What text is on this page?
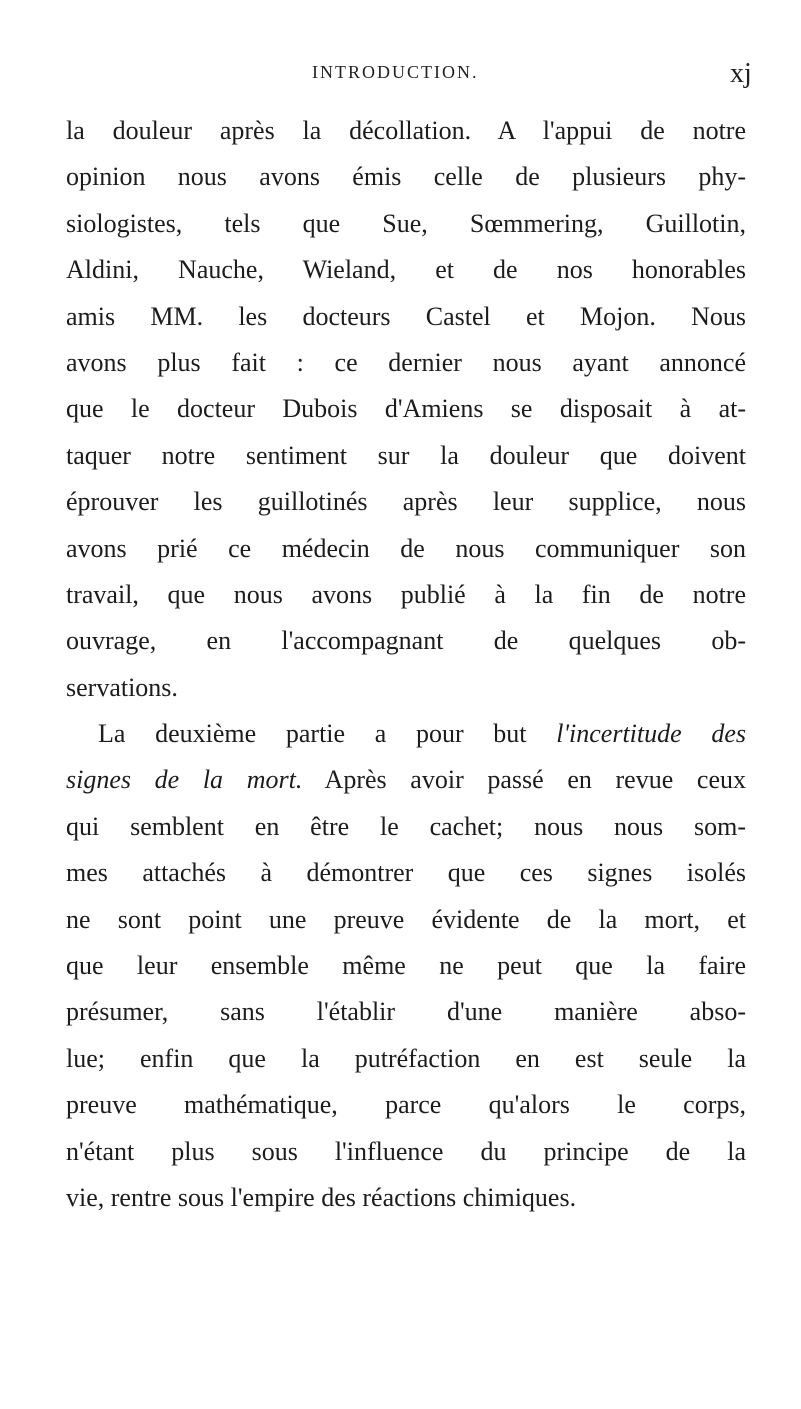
INTRODUCTION.	xj
la douleur après la décollation. A l'appui de notre
opinion nous avons émis celle de plusieurs phy-
siologistes, tels que Sue, Sœmmering, Guillotin,
Aldini, Nauche, Wieland, et de nos honorables
amis MM. les docteurs Castel et Mojon. Nous
avons plus fait : ce dernier nous ayant annoncé
que le docteur Dubois d'Amiens se disposait à at-
taquer notre sentiment sur la douleur que doivent
éprouver les guillotinés après leur supplice, nous
avons prié ce médecin de nous communiquer son
travail, que nous avons publié à la fin de notre
ouvrage, en l'accompagnant de quelques ob-
servations.
La deuxième partie a pour but l'incertitude des
signes de la mort. Après avoir passé en revue ceux
qui semblent en être le cachet; nous nous som-
mes attachés à démontrer que ces signes isolés
ne sont point une preuve évidente de la mort, et
que leur ensemble même ne peut que la faire
présumer, sans l'établir d'une manière abso-
lue; enfin que la putréfaction en est seule la
preuve mathématique, parce qu'alors le corps,
n'étant plus sous l'influence du principe de la
vie, rentre sous l'empire des réactions chimiques.
